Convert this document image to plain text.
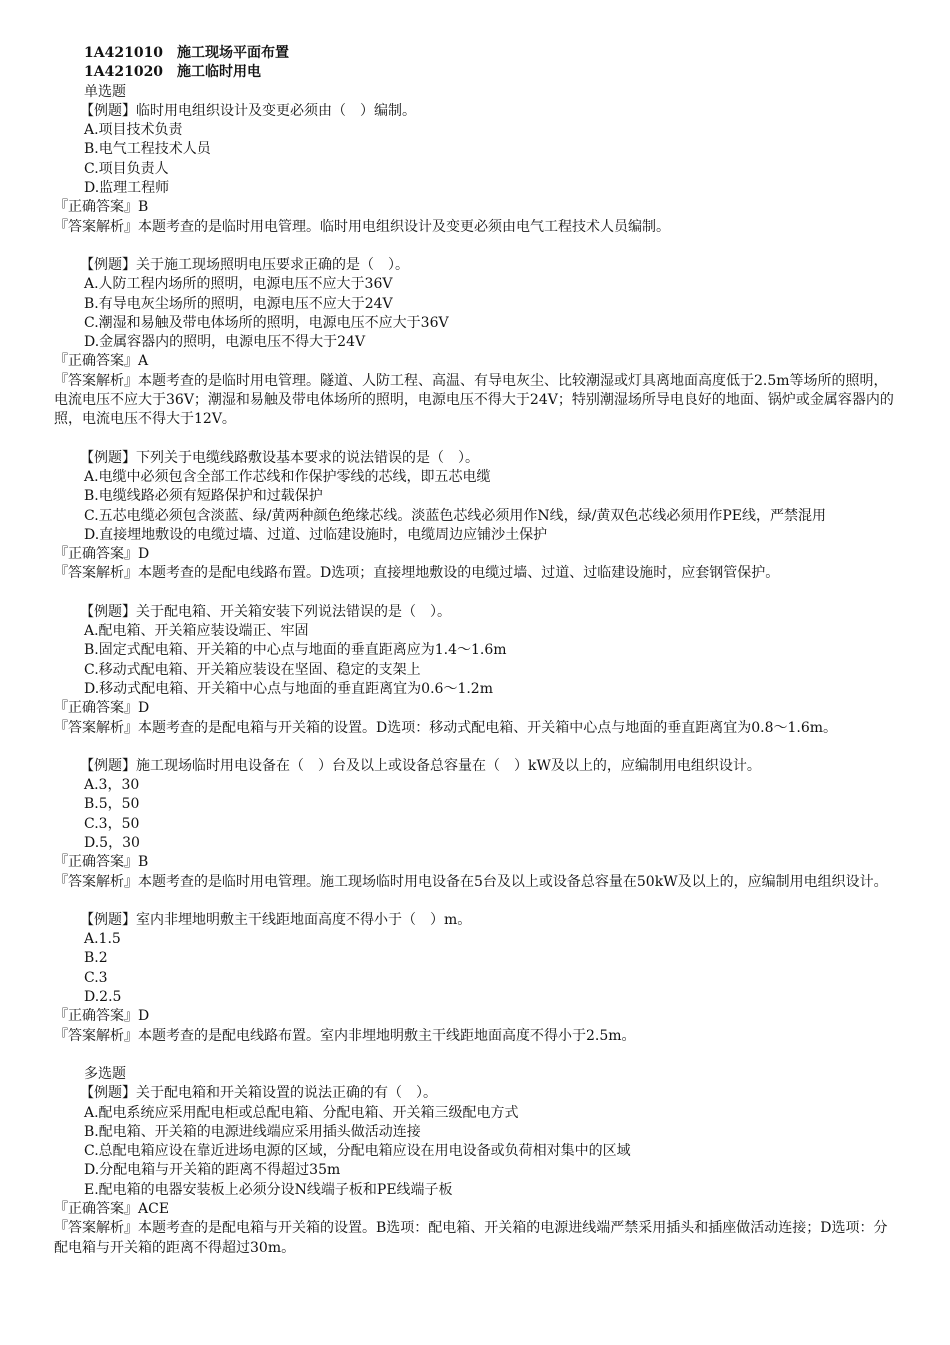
1A421010　施工现场平面布置
1A421020　施工临时用电
单选题
【例题】临时用电组织设计及变更必须由（　）编制。
A.项目技术负责
B.电气工程技术人员
C.项目负责人
D.监理工程师
『正确答案』B
『答案解析』本题考查的是临时用电管理。临时用电组织设计及变更必须由电气工程技术人员编制。
【例题】关于施工现场照明电压要求正确的是（　）。
A.人防工程内场所的照明，电源电压不应大于36V
B.有导电灰尘场所的照明，电源电压不应大于24V
C.潮湿和易触及带电体场所的照明，电源电压不应大于36V
D.金属容器内的照明，电源电压不得大于24V
『正确答案』A
『答案解析』本题考查的是临时用电管理。隧道、人防工程、高温、有导电灰尘、比较潮湿或灯具离地面高度低于2.5m等场所的照明，电流电压不应大于36V；潮湿和易触及带电体场所的照明，电源电压不得大于24V；特别潮湿场所导电良好的地面、锅炉或金属容器内的照，电流电压不得大于12V。
【例题】下列关于电缆线路敷设基本要求的说法错误的是（　）。
A.电缆中必须包含全部工作芯线和作保护零线的芯线，即五芯电缆
B.电缆线路必须有短路保护和过载保护
C.五芯电缆必须包含淡蓝、绿/黄两种颜色绝缘芯线。淡蓝色芯线必须用作N线，绿/黄双色芯线必须用作PE线，严禁混用
D.直接埋地敷设的电缆过墙、过道、过临建设施时，电缆周边应铺沙土保护
『正确答案』D
『答案解析』本题考查的是配电线路布置。D选项；直接埋地敷设的电缆过墙、过道、过临建设施时，应套钢管保护。
【例题】关于配电箱、开关箱安装下列说法错误的是（　）。
A.配电箱、开关箱应装设端正、牢固
B.固定式配电箱、开关箱的中心点与地面的垂直距离应为1.4～1.6m
C.移动式配电箱、开关箱应装设在坚固、稳定的支架上
D.移动式配电箱、开关箱中心点与地面的垂直距离宜为0.6～1.2m
『正确答案』D
『答案解析』本题考查的是配电箱与开关箱的设置。D选项：移动式配电箱、开关箱中心点与地面的垂直距离宜为0.8～1.6m。
【例题】施工现场临时用电设备在（　）台及以上或设备总容量在（　）kW及以上的，应编制用电组织设计。
A.3，30
B.5，50
C.3，50
D.5，30
『正确答案』B
『答案解析』本题考查的是临时用电管理。施工现场临时用电设备在5台及以上或设备总容量在50kW及以上的，应编制用电组织设计。
【例题】室内非埋地明敷主干线距地面高度不得小于（　）m。
A.1.5
B.2
C.3
D.2.5
『正确答案』D
『答案解析』本题考查的是配电线路布置。室内非埋地明敷主干线距地面高度不得小于2.5m。
多选题
【例题】关于配电箱和开关箱设置的说法正确的有（　）。
A.配电系统应采用配电柜或总配电箱、分配电箱、开关箱三级配电方式
B.配电箱、开关箱的电源进线端应采用插头做活动连接
C.总配电箱应设在靠近进场电源的区域，分配电箱应设在用电设备或负荷相对集中的区域
D.分配电箱与开关箱的距离不得超过35m
E.配电箱的电器安装板上必须分设N线端子板和PE线端子板
『正确答案』ACE
『答案解析』本题考查的是配电箱与开关箱的设置。B选项：配电箱、开关箱的电源进线端严禁采用插头和插座做活动连接；D选项：分配电箱与开关箱的距离不得超过30m。
